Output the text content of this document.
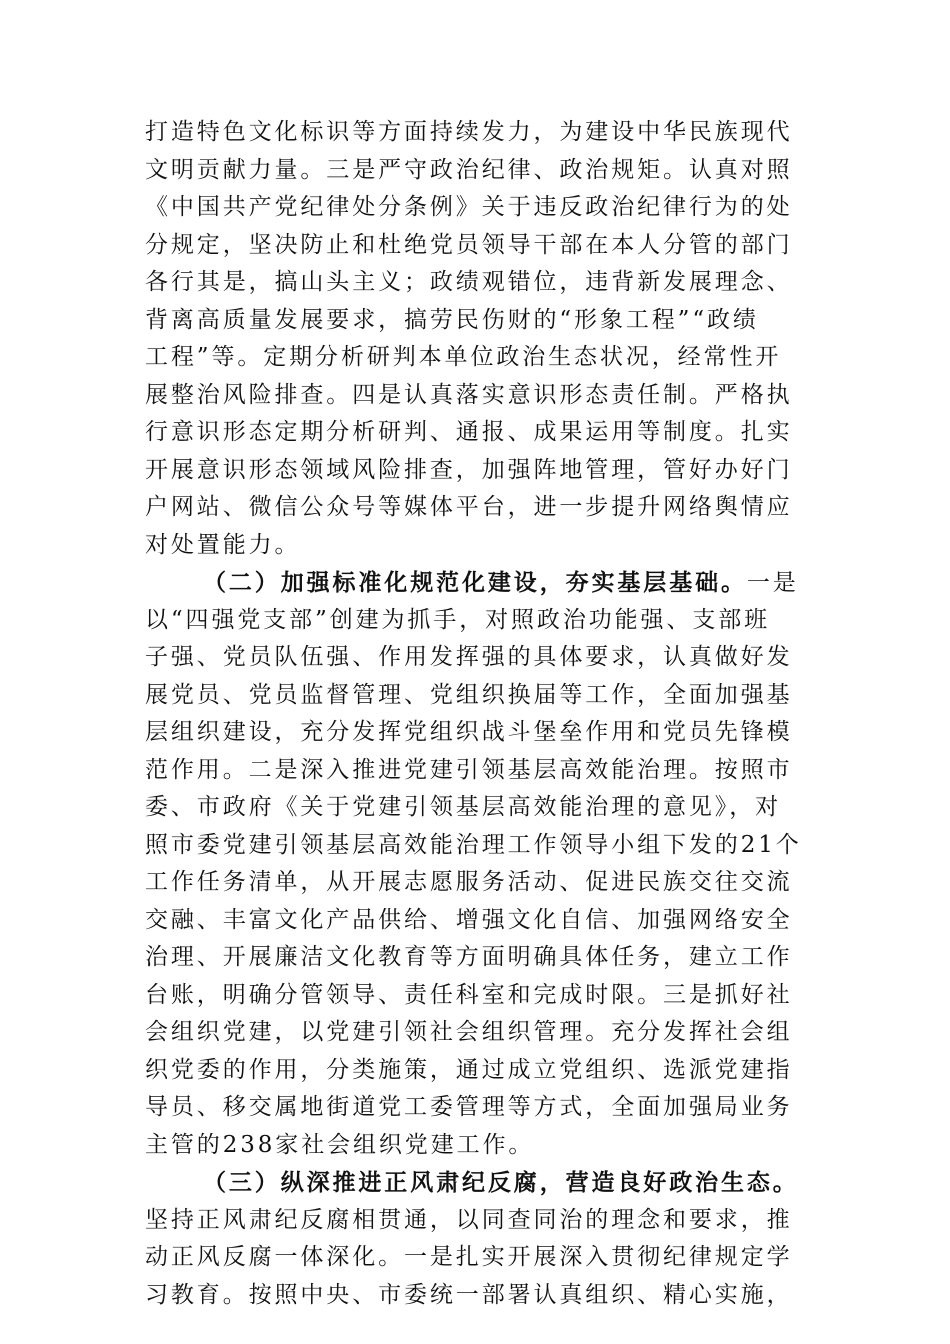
打造特色文化标识等方面持续发力，为建设中华民族现代
文明贡献力量。三是严守政治纪律、政治规矩。认真对照
《中国共产党纪律处分条例》关于违反政治纪律行为的处
分规定，坚决防止和杜绝党员领导干部在本人分管的部门
各行其是，搞山头主义；政绩观错位，违背新发展理念、
背离高质量发展要求，搞劳民伤财的“形象工程”“政绩
工程”等。定期分析研判本单位政治生态状况，经常性开
展整治风险排查。四是认真落实意识形态责任制。严格执
行意识形态定期分析研判、通报、成果运用等制度。扎实
开展意识形态领域风险排查，加强阵地管理，管好办好门
户网站、微信公众号等媒体平台，进一步提升网络舆情应
对处置能力。
（二）加强标准化规范化建设，夯实基层基础。一是
以“四强党支部”创建为抓手，对照政治功能强、支部班
子强、党员队伍强、作用发挥强的具体要求，认真做好发
展党员、党员监督管理、党组织换届等工作，全面加强基
层组织建设，充分发挥党组织战斗堡垒作用和党员先锋模
范作用。二是深入推进党建引领基层高效能治理。按照市
委、市政府《关于党建引领基层高效能治理的意见》，对
照市委党建引领基层高效能治理工作领导小组下发的21个
工作任务清单，从开展志愿服务活动、促进民族交往交流
交融、丰富文化产品供给、增强文化自信、加强网络安全
治理、开展廉洁文化教育等方面明确具体任务，建立工作
台账，明确分管领导、责任科室和完成时限。三是抓好社
会组织党建，以党建引领社会组织管理。充分发挥社会组
织党委的作用，分类施策，通过成立党组织、选派党建指
导员、移交属地街道党工委管理等方式，全面加强局业务
主管的238家社会组织党建工作。
（三）纵深推进正风肃纪反腐，营造良好政治生态。
坚持正风肃纪反腐相贯通，以同查同治的理念和要求，推
动正风反腐一体深化。一是扎实开展深入贯彻纪律规定学
习教育。按照中央、市委统一部署认真组织、精心实施，
